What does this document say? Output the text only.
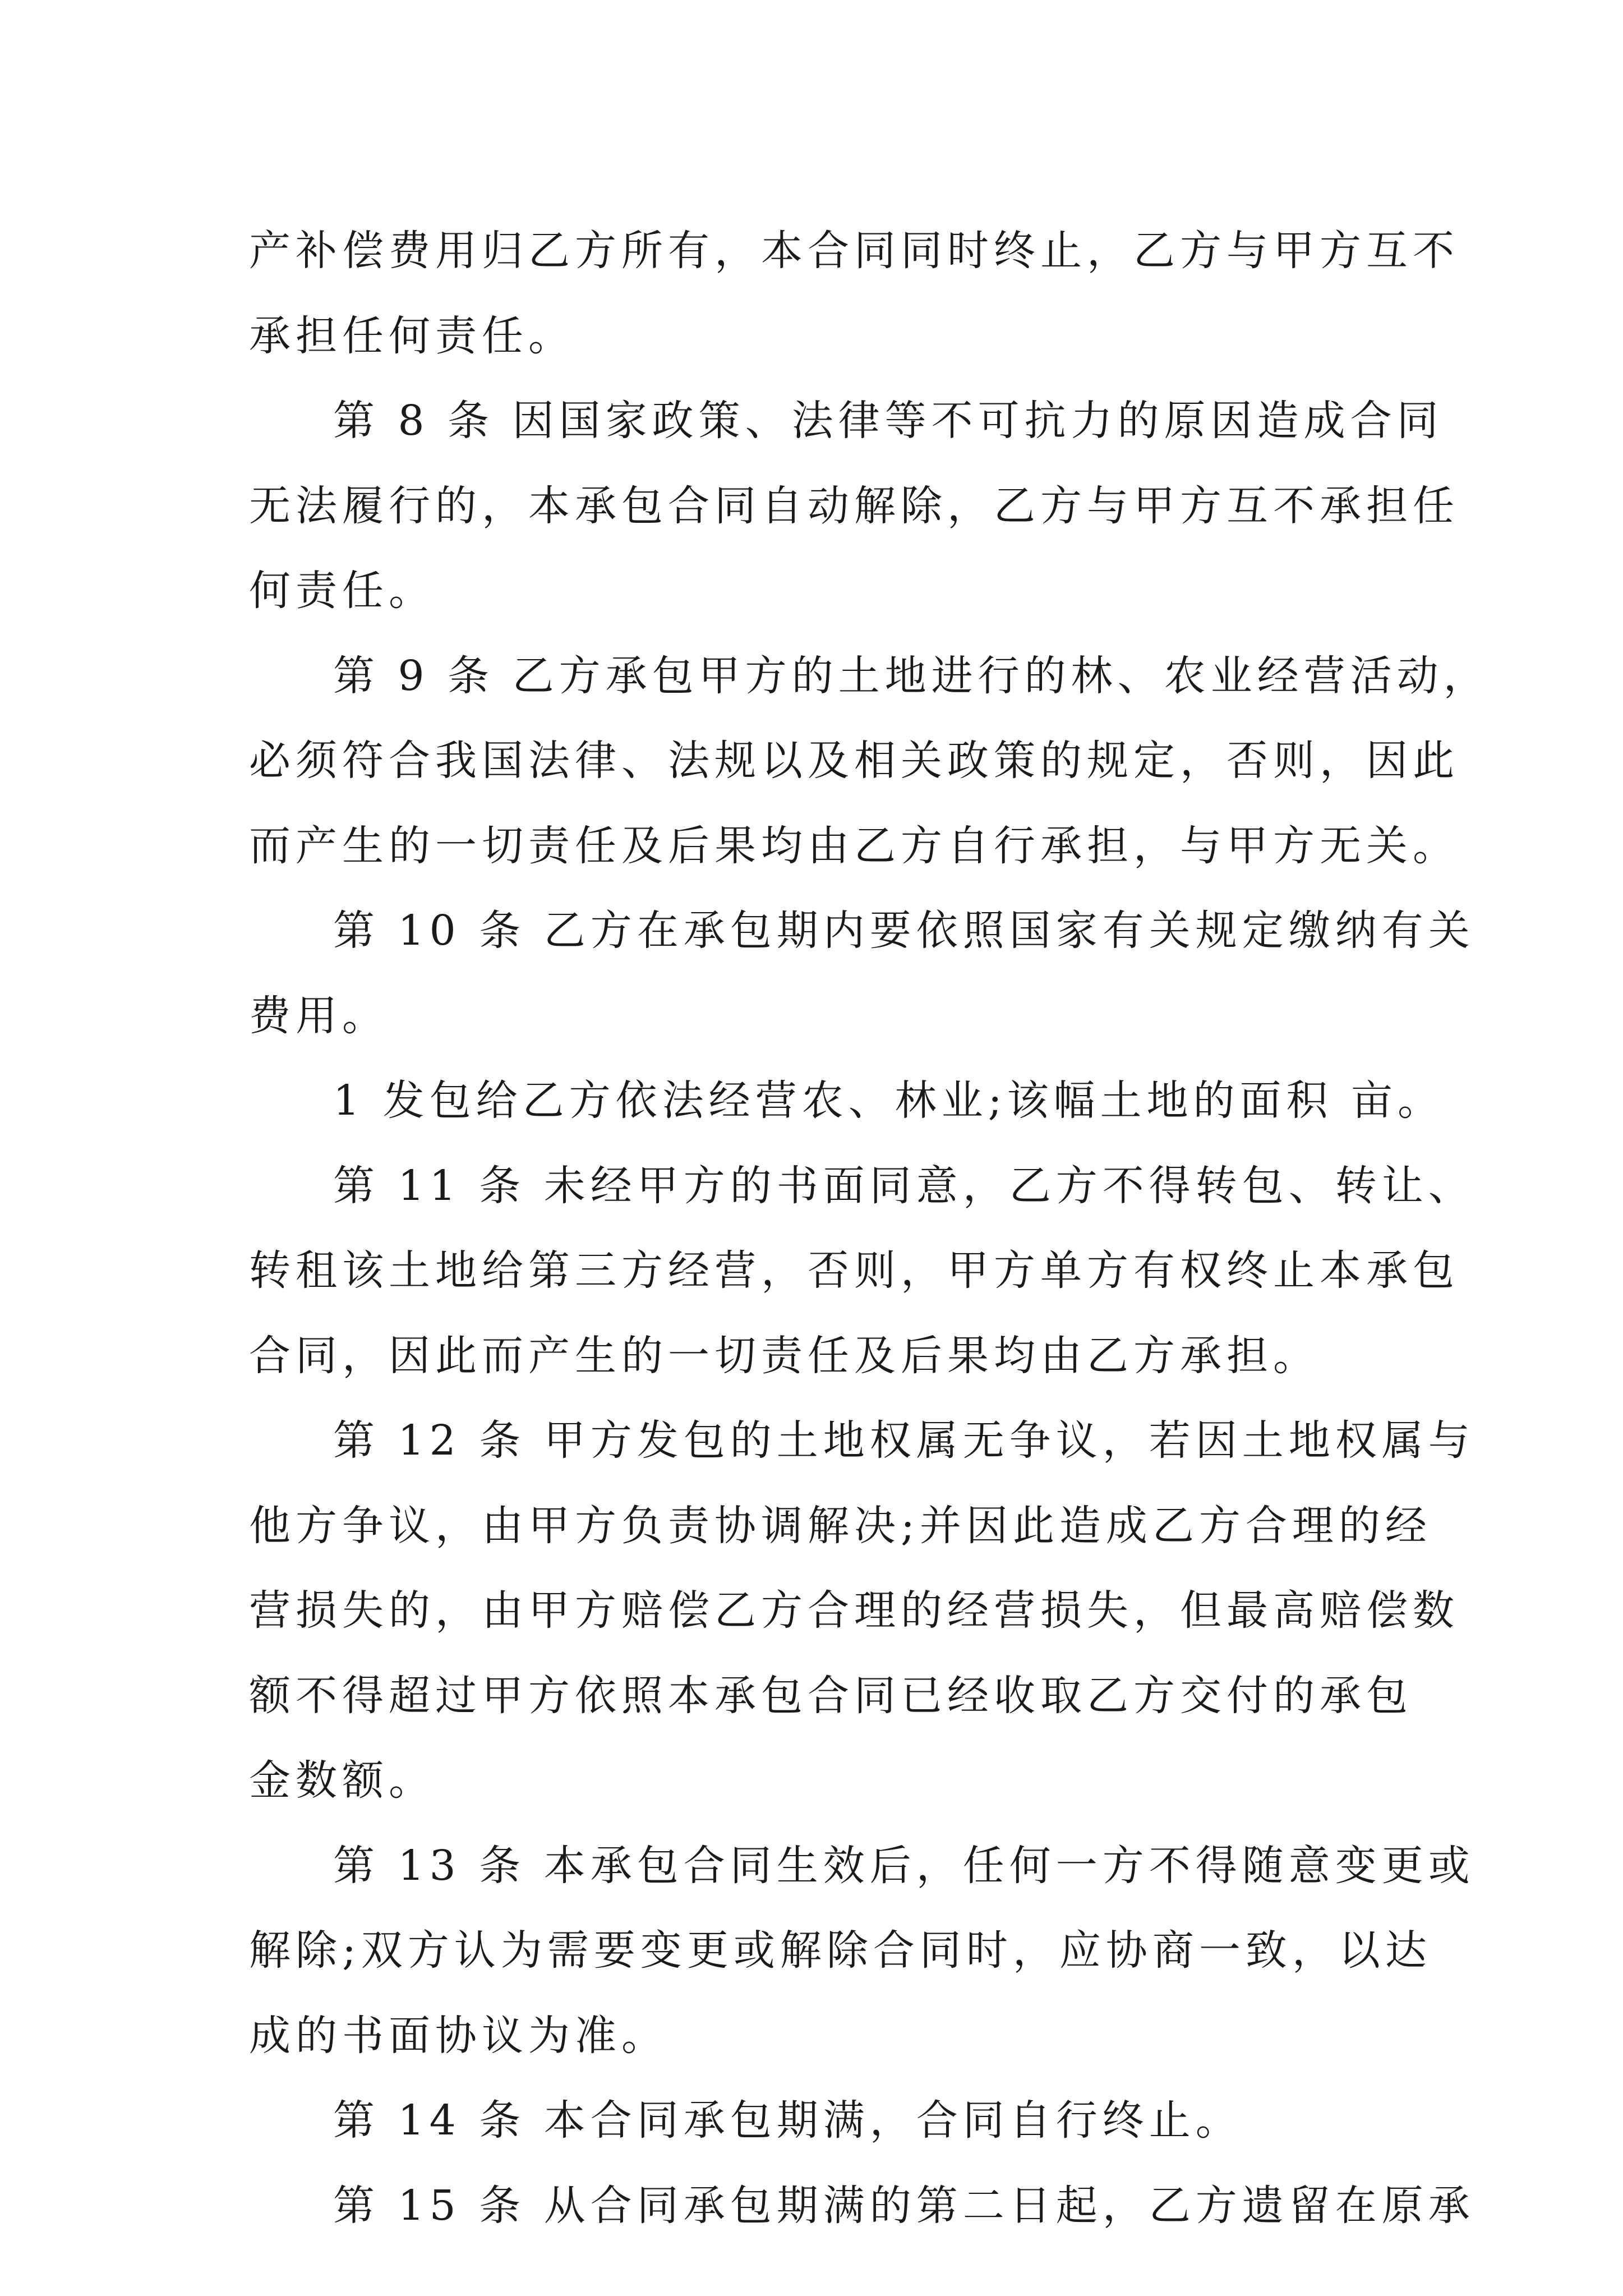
产补偿费用归乙方所有，本合同同时终止，乙方与甲方互不
承担任何责任。
第 8 条 因国家政策、法律等不可抗力的原因造成合同
无法履行的，本承包合同自动解除，乙方与甲方互不承担任
何责任。
第 9 条 乙方承包甲方的土地进行的林、农业经营活动，
必须符合我国法律、法规以及相关政策的规定，否则，因此
而产生的一切责任及后果均由乙方自行承担，与甲方无关。
第 10 条 乙方在承包期内要依照国家有关规定缴纳有关
费用。
1 发包给乙方依法经营农、林业;该幅土地的面积 亩。
第 11 条 未经甲方的书面同意，乙方不得转包、转让、
转租该土地给第三方经营，否则，甲方单方有权终止本承包
合同，因此而产生的一切责任及后果均由乙方承担。
第 12 条 甲方发包的土地权属无争议，若因土地权属与
他方争议，由甲方负责协调解决;并因此造成乙方合理的经
营损失的，由甲方赔偿乙方合理的经营损失，但最高赔偿数
额不得超过甲方依照本承包合同已经收取乙方交付的承包
金数额。
第 13 条 本承包合同生效后，任何一方不得随意变更或
解除;双方认为需要变更或解除合同时，应协商一致，以达
成的书面协议为准。
第 14 条 本合同承包期满，合同自行终止。
第 15 条 从合同承包期满的第二日起，乙方遗留在原承
